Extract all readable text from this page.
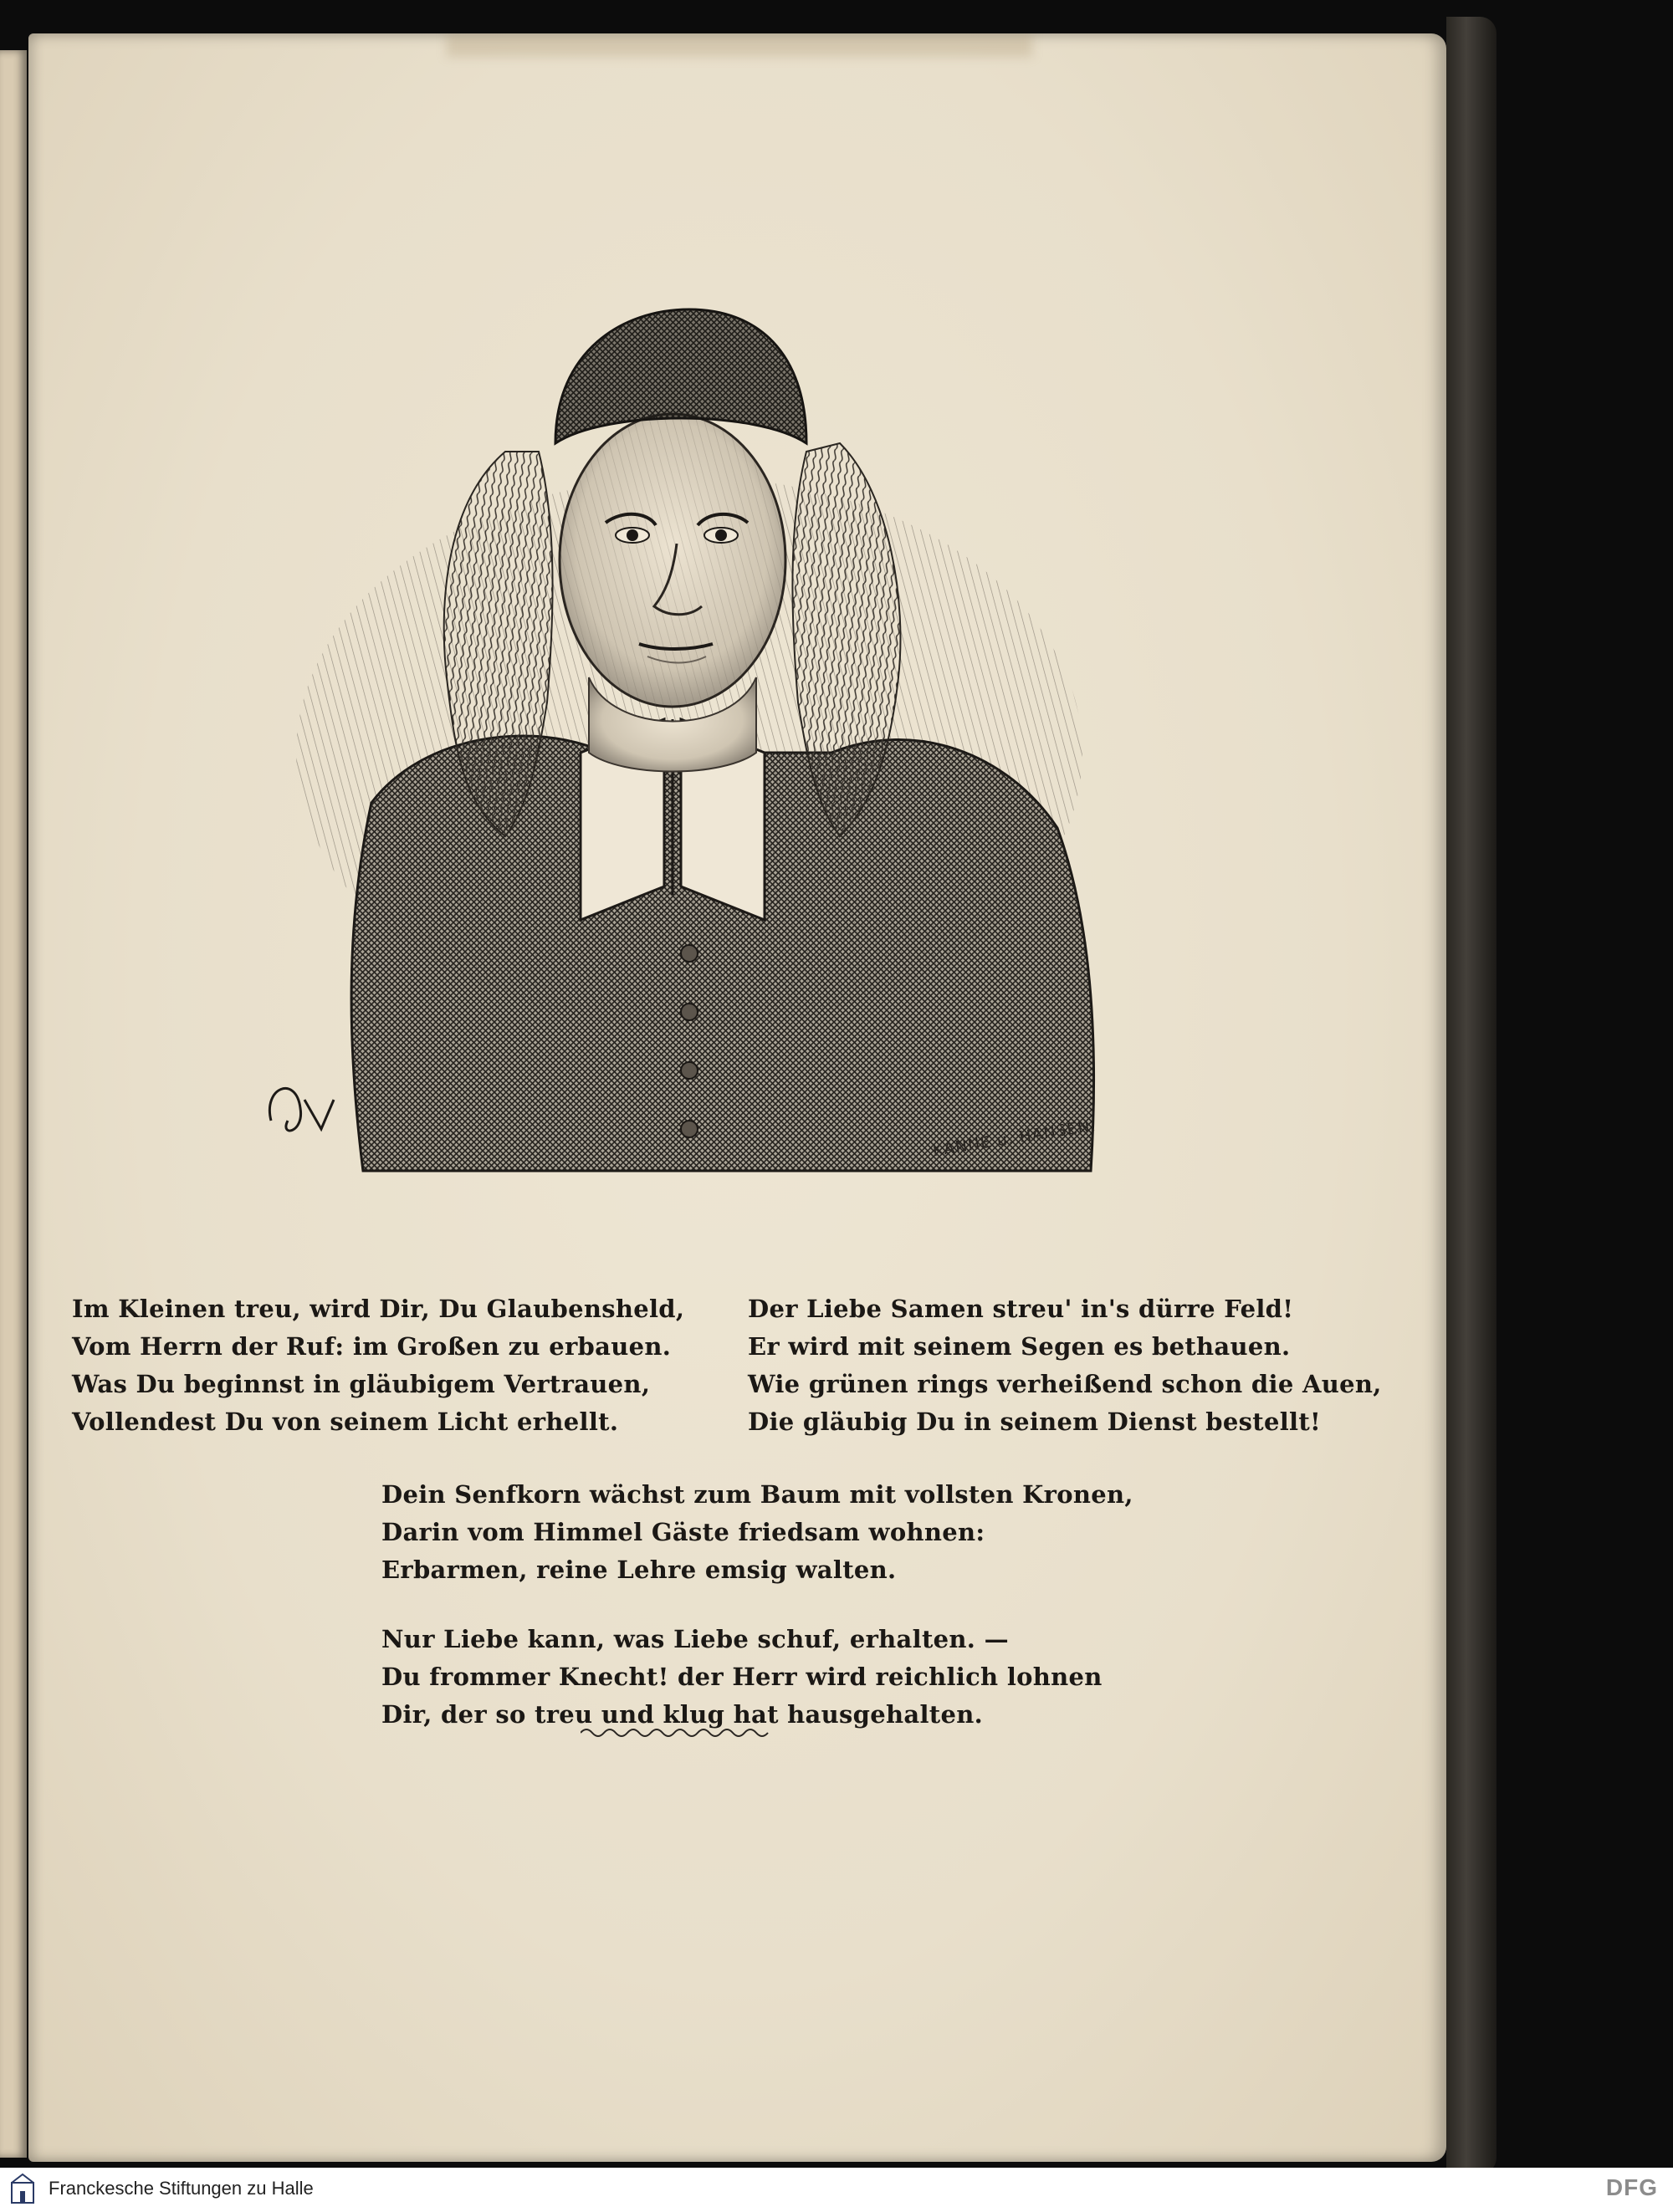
KANNE u. HANSEN.
Im Kleinen treu, wird Dir, Du Glaubensheld,
Vom Herrn der Ruf: im Großen zu erbauen.
Was Du beginnst in gläubigem Vertrauen,
Vollendest Du von seinem Licht erhellt.
Der Liebe Samen streu' in's dürre Feld!
Er wird mit seinem Segen es bethauen.
Wie grünen rings verheißend schon die Auen,
Die gläubig Du in seinem Dienst bestellt!
Dein Senfkorn wächst zum Baum mit vollsten Kronen,
Darin vom Himmel Gäste friedsam wohnen:
Erbarmen, reine Lehre emsig walten.
Nur Liebe kann, was Liebe schuf, erhalten. —
Du frommer Knecht! der Herr wird reichlich lohnen
Dir, der so treu und klug hat hausgehalten.
Franckesche Stiftungen zu Halle	DFG
